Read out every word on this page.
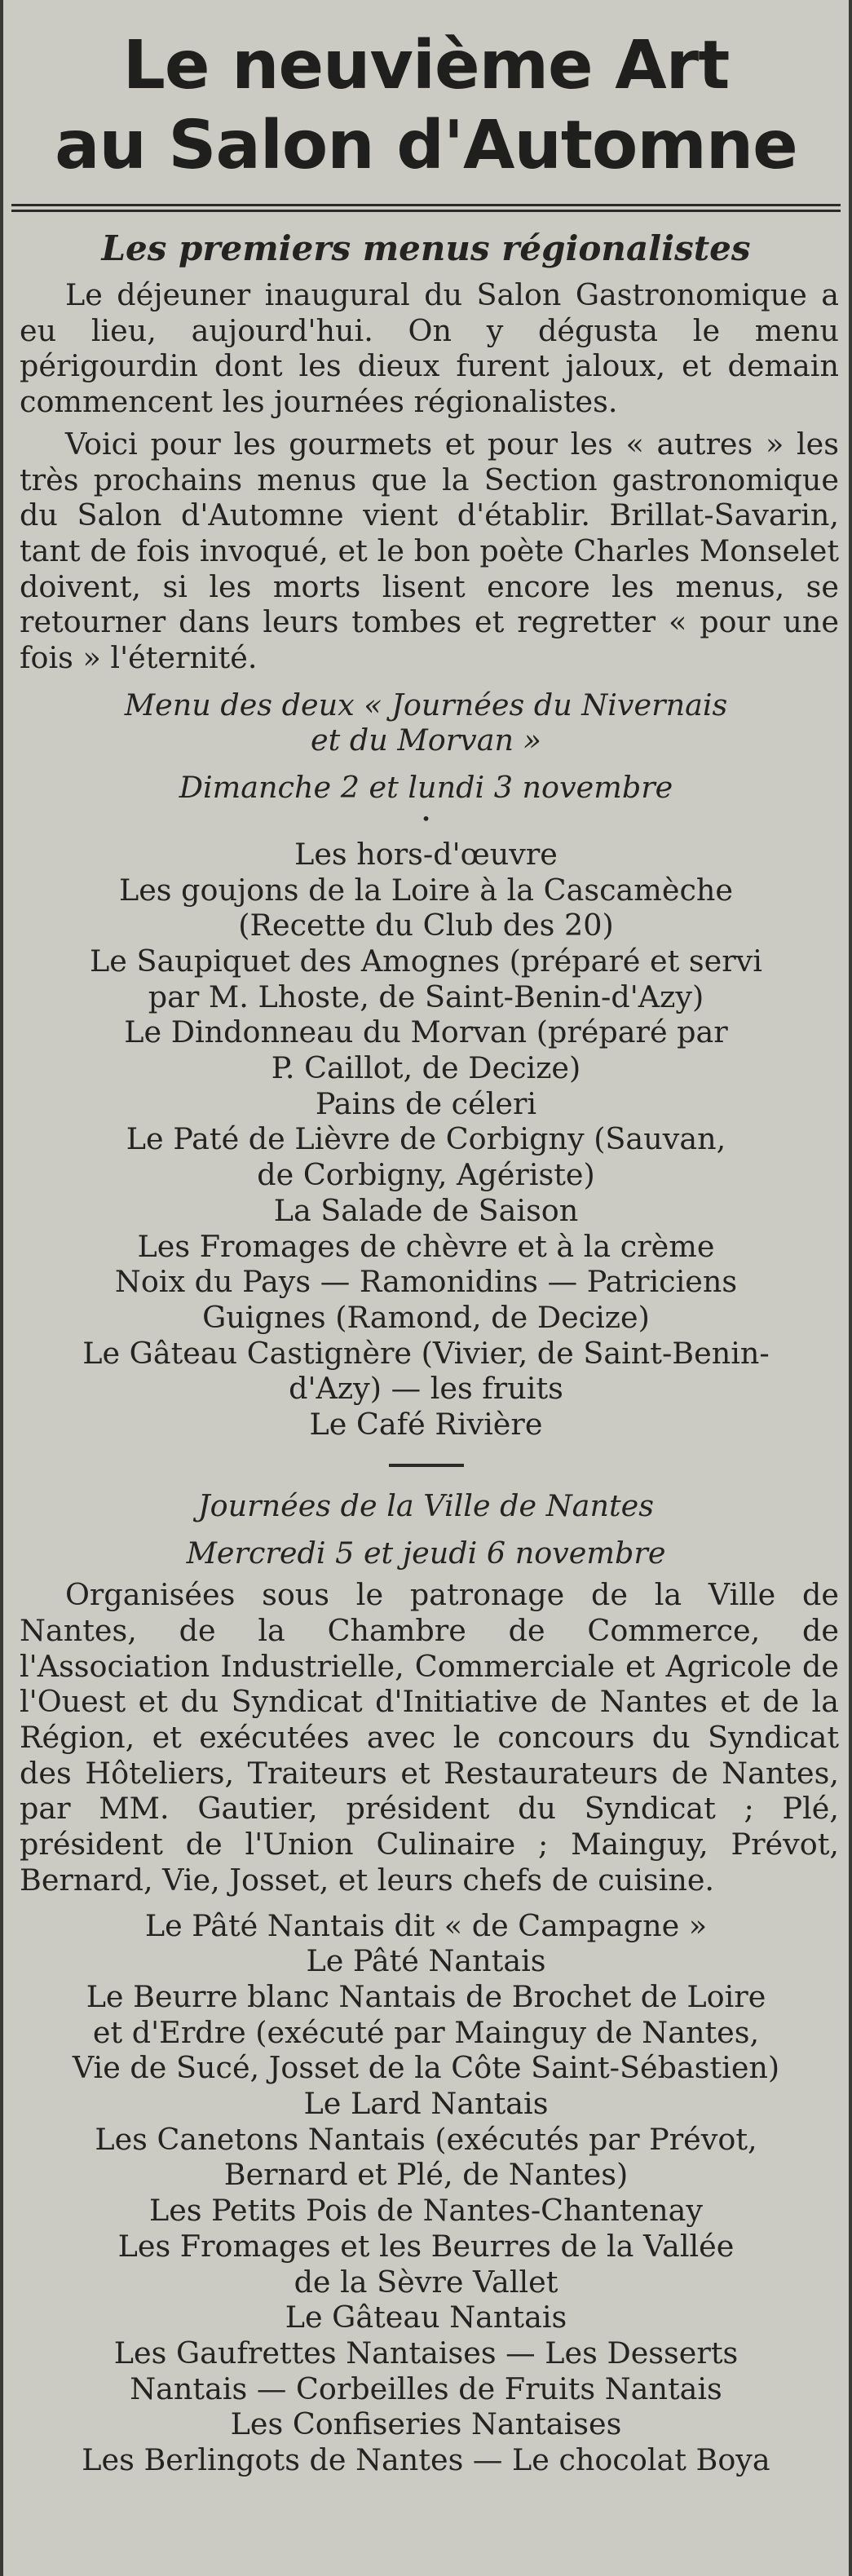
Le neuvième Art
au Salon d'Automne
Les premiers menus régionalistes

Le déjeuner inaugural du Salon Gastronomique a eu lieu, aujourd'hui. On y dégusta le menu périgourdin dont les dieux furent jaloux, et demain commencent les journées régionalistes.

Voici pour les gourmets et pour les « autres » les très prochains menus que la Section gastronomique du Salon d'Automne vient d'établir. Brillat-Savarin, tant de fois invoqué, et le bon poète Charles Monselet doivent, si les morts lisent encore les menus, se retourner dans leurs tombes et regretter « pour une fois » l'éternité.

Menu des deux « Journées du Nivernais
et du Morvan »
Dimanche 2 et lundi 3 novembre
•
Les hors-d'œuvre
Les goujons de la Loire à la Cascamèche
(Recette du Club des 20)
Le Saupiquet des Amognes (préparé et servi
par M. Lhoste, de Saint-Benin-d'Azy)
Le Dindonneau du Morvan (préparé par
P. Caillot, de Decize)
Pains de céleri
Le Paté de Lièvre de Corbigny (Sauvan,
de Corbigny, Agériste)
La Salade de Saison
Les Fromages de chèvre et à la crème
Noix du Pays — Ramonidins — Patriciens
Guignes (Ramond, de Decize)
Le Gâteau Castignère (Vivier, de Saint-Benin-
d'Azy) — les fruits
Le Café Rivière
Journées de la Ville de Nantes
Mercredi 5 et jeudi 6 novembre

Organisées sous le patronage de la Ville de Nantes, de la Chambre de Commerce, de l'Association Industrielle, Commerciale et Agricole de l'Ouest et du Syndicat d'Initiative de Nantes et de la Région, et exécutées avec le concours du Syndicat des Hôteliers, Traiteurs et Restaurateurs de Nantes, par MM. Gautier, président du Syndicat ; Plé, président de l'Union Culinaire ; Mainguy, Prévot, Bernard, Vie, Josset, et leurs chefs de cuisine.

Le Pâté Nantais dit « de Campagne »
Le Pâté Nantais
Le Beurre blanc Nantais de Brochet de Loire
et d'Erdre (exécuté par Mainguy de Nantes,
Vie de Sucé, Josset de la Côte Saint-Sébastien)
Le Lard Nantais
Les Canetons Nantais (exécutés par Prévot,
Bernard et Plé, de Nantes)
Les Petits Pois de Nantes-Chantenay
Les Fromages et les Beurres de la Vallée
de la Sèvre Vallet
Le Gâteau Nantais
Les Gaufrettes Nantaises — Les Desserts
Nantais — Corbeilles de Fruits Nantais
Les Confiseries Nantaises
Les Berlingots de Nantes — Le chocolat Boya
